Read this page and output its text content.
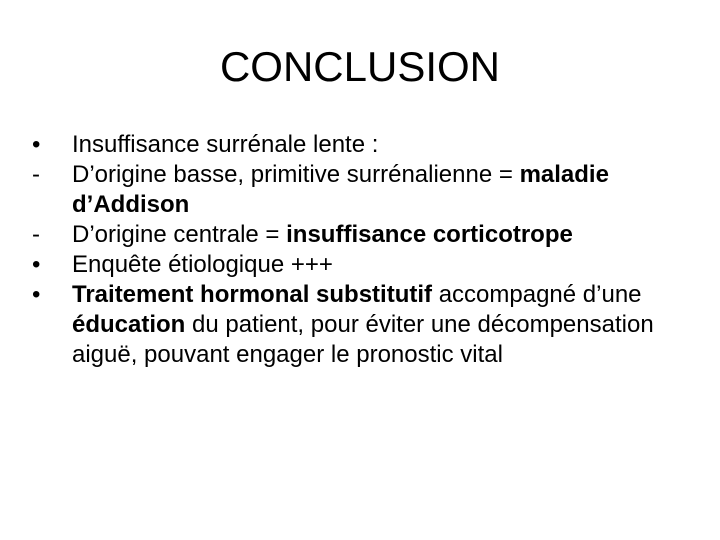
CONCLUSION
•	Insuffisance surrénale lente :
-	D’origine basse, primitive surrénalienne = maladie d’Addison
-	D’origine centrale = insuffisance corticotrope
•	Enquête étiologique +++
•	Traitement hormonal substitutif accompagné d’une éducation du patient, pour éviter une décompensation aiguë, pouvant engager le pronostic vital
